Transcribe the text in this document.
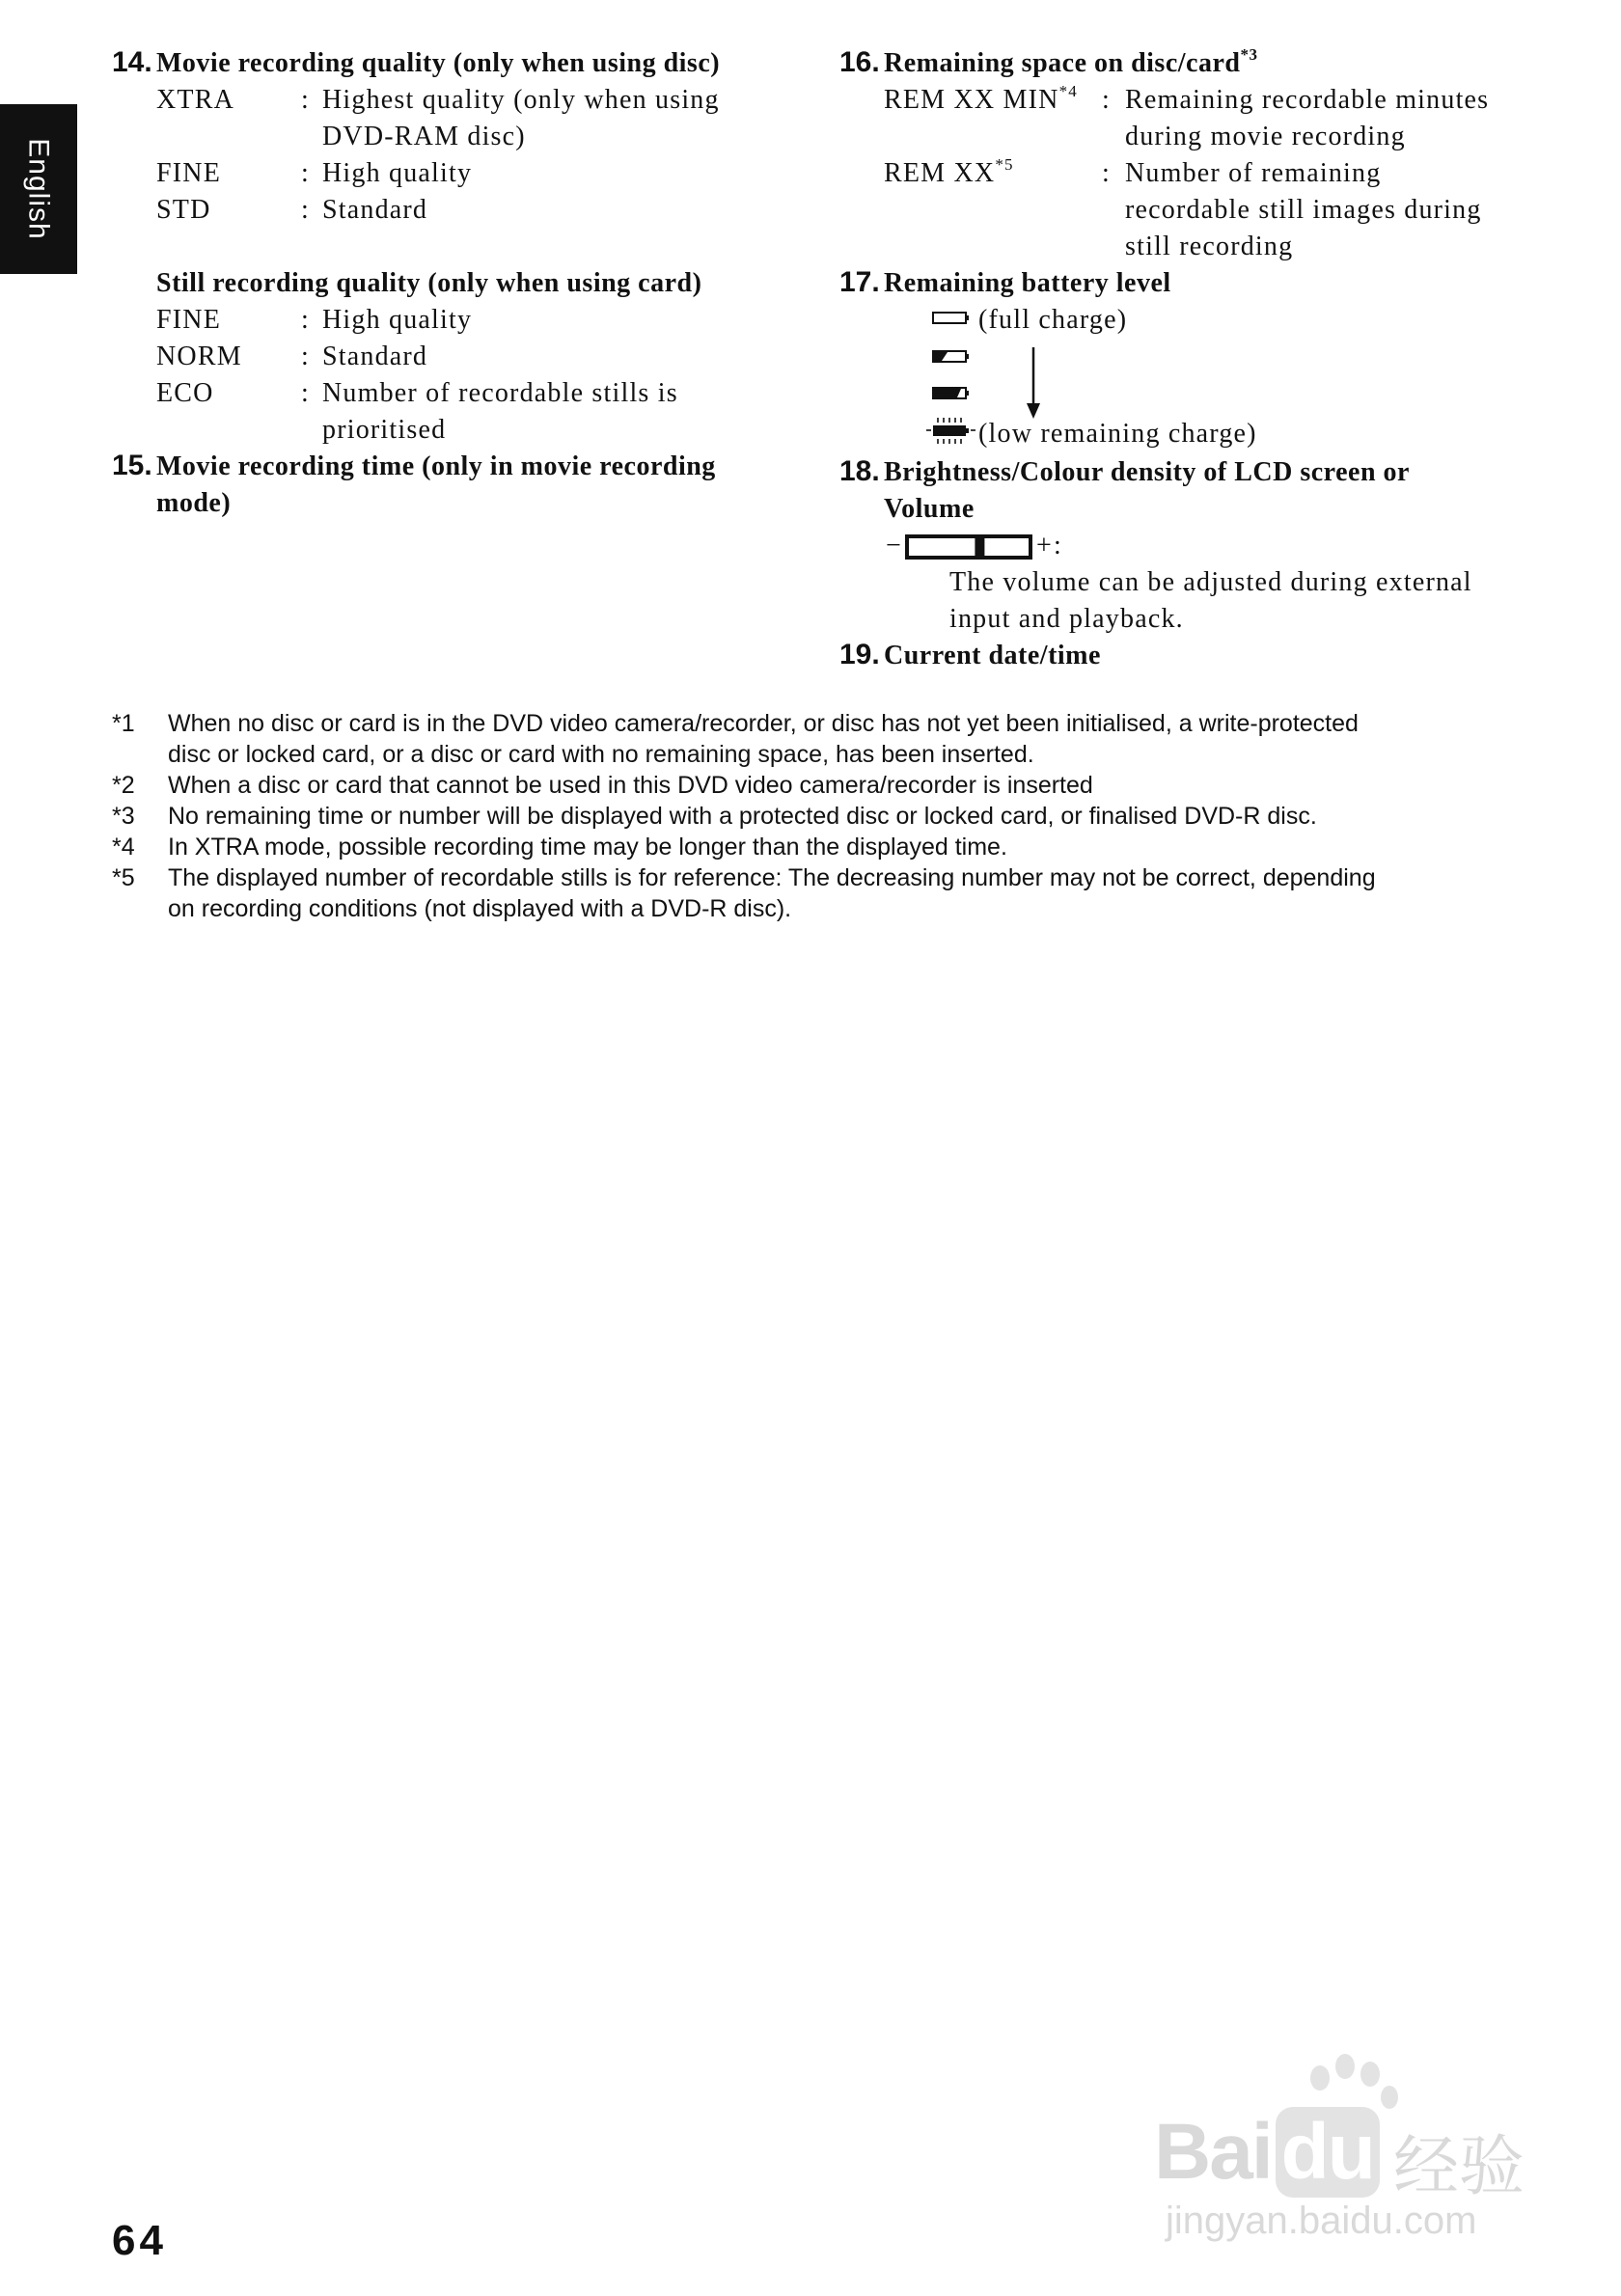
English
14. Movie recording quality (only when using disc)
XTRA : Highest quality (only when using
DVD-RAM disc)
FINE	: High quality
STD	: Standard
Still recording quality (only when using card)
FINE	: High quality
NORM : Standard
ECO	: Number of recordable stills is
prioritised
15. Movie recording time (only in movie recording
mode)
16. Remaining space on disc/card$^{*3}$
REM XX MIN$^{*4}$ : Remaining recordable minutes
during movie recording
REM XX$^{*5}$	: Number of remaining
recordable still images during
still recording
17. Remaining battery level
(full charge)
(low remaining charge)
18. Brightness/Colour density of LCD screen or
Volume
−	+ :
The volume can be adjusted during external
input and playback.
19. Current date/time
*1 When no disc or card is in the DVD video camera/recorder, or disc has not yet been initialised, a write-protected
disc or locked card, or a disc or card with no remaining space, has been inserted.
*2 When a disc or card that cannot be used in this DVD video camera/recorder is inserted
*3 No remaining time or number will be displayed with a protected disc or locked card, or finalised DVD-R disc.
*4 In XTRA mode, possible recording time may be longer than the displayed time.
*5 The displayed number of recordable stills is for reference: The decreasing number may not be correct, depending
on recording conditions (not displayed with a DVD-R disc).
Bai du 经验
jingyan.baidu.com
64
